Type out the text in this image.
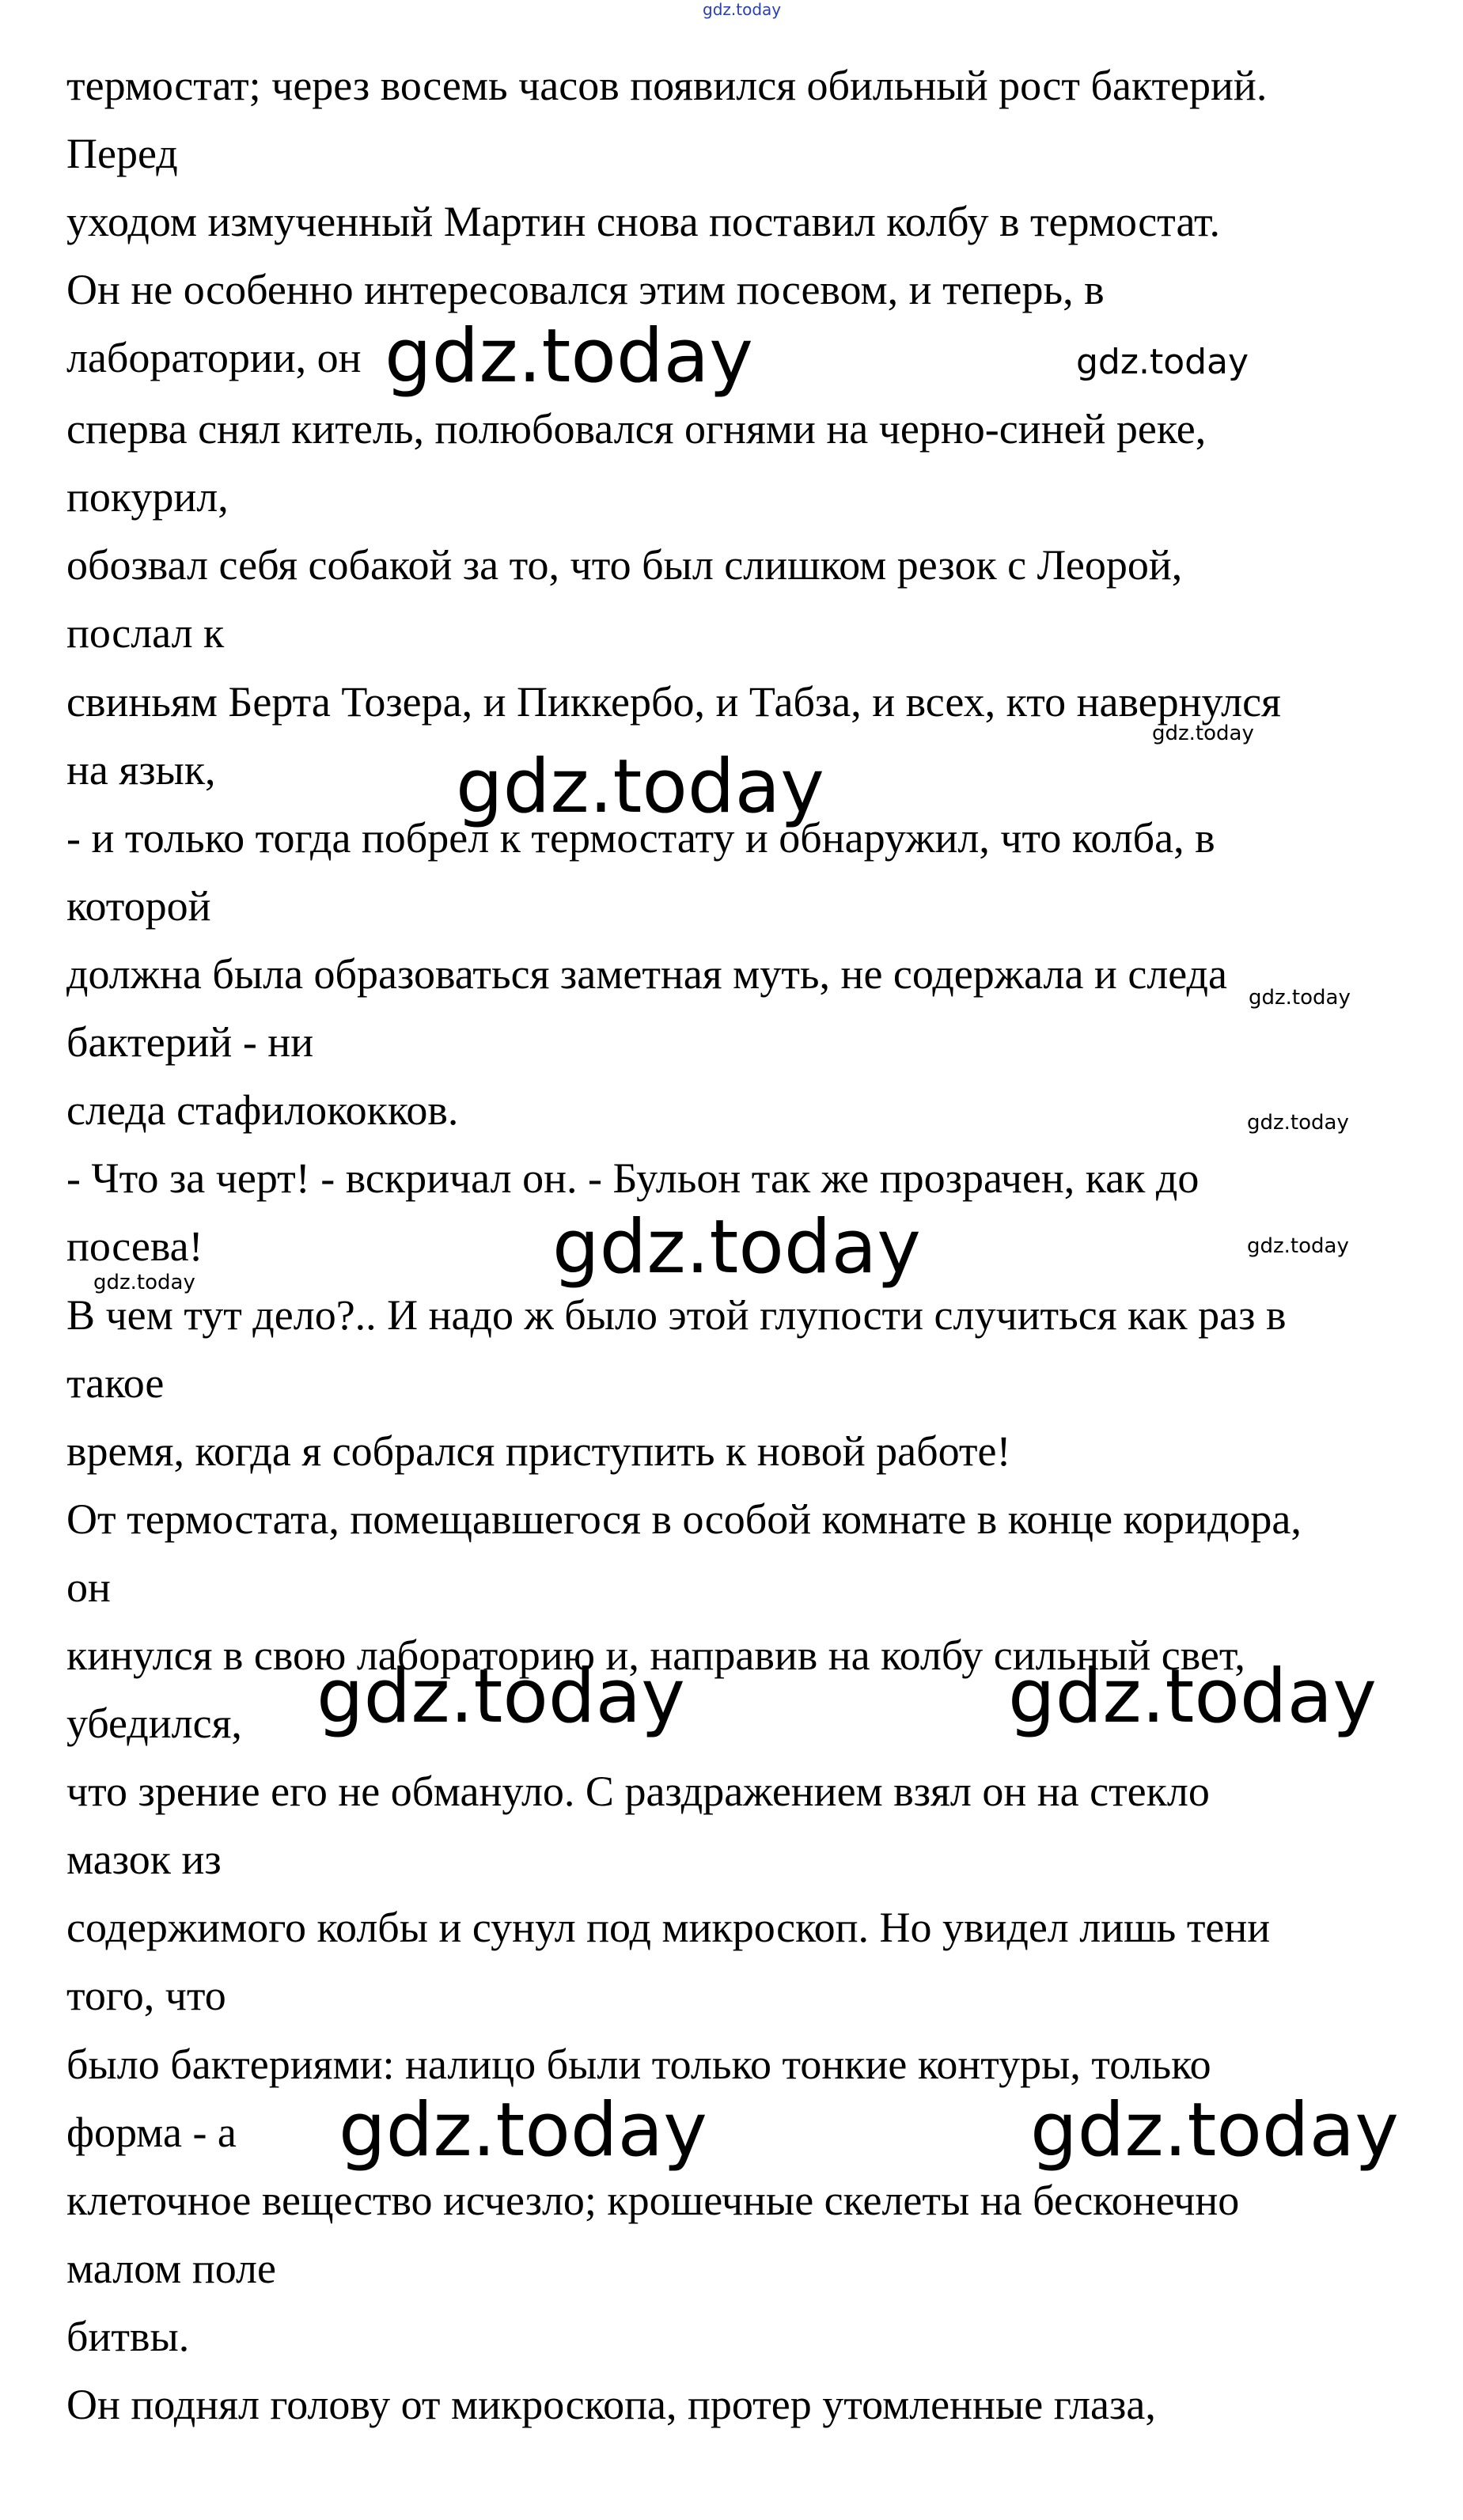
gdz.today
термостат; через восемь часов появился обильный рост бактерий.
Перед
уходом измученный Мартин снова поставил колбу в термостат.
Он не особенно интересовался этим посевом, и теперь, в
лаборатории, он
сперва снял китель, полюбовался огнями на черно-синей реке,
покурил,
обозвал себя собакой за то, что был слишком резок с Леорой,
послал к
свиньям Берта Тозера, и Пиккербо, и Табза, и всех, кто навернулся
на язык,
- и только тогда побрел к термостату и обнаружил, что колба, в
которой
должна была образоваться заметная муть, не содержала и следа
бактерий - ни
следа стафилококков.
- Что за черт! - вскричал он. - Бульон так же прозрачен, как до
посева!
В чем тут дело?.. И надо ж было этой глупости случиться как раз в
такое
время, когда я собрался приступить к новой работе!
От термостата, помещавшегося в особой комнате в конце коридора,
он
кинулся в свою лабораторию и, направив на колбу сильный свет,
убедился,
что зрение его не обмануло. С раздражением взял он на стекло
мазок из
содержимого колбы и сунул под микроскоп. Но увидел лишь тени
того, что
было бактериями: налицо были только тонкие контуры, только
форма - а
клеточное вещество исчезло; крошечные скелеты на бесконечно
малом поле
битвы.
Он поднял голову от микроскопа, протер утомленные глаза,
gdz.today	gdz.today
gdz.today
gdz.today
gdz.today
gdz.today
gdz.today	gdz.today
gdz.today
gdz.today	gdz.today
gdz.today	gdz.today
